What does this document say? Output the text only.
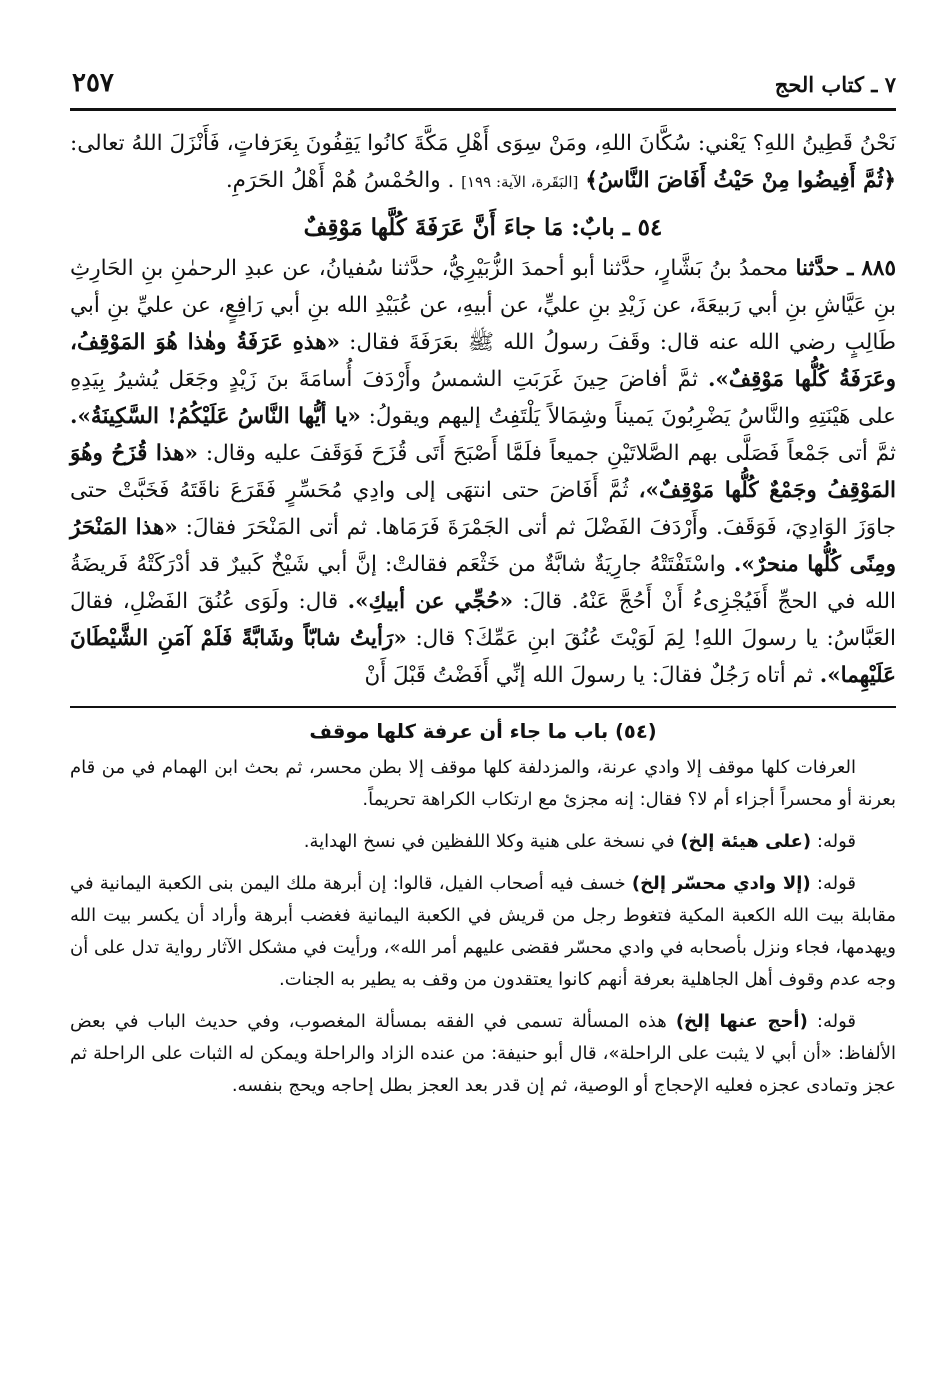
٧ ـ كتاب الحج
٢٥٧

نَحْنُ قَطِينُ اللهِ؟ يَعْني: سُكَّانَ اللهِ، ومَنْ سِوَى أَهْلِ مَكَّةَ كانُوا يَقِفُونَ بِعَرَفاتٍ، فَأَنْزَلَ اللهُ تعالى: ﴿ثُمَّ أَفِيضُوا مِنْ حَيْثُ أَفَاضَ النَّاسُ﴾ [البَقَرة، الآية: ١٩٩] . والحُمْسُ هُمْ أَهْلُ الحَرَمِ.

٥٤ ـ بابٌ: مَا جاءَ أَنَّ عَرَفَةَ كُلَّها مَوْقِفٌ

٨٨٥ ـ حدَّثنا محمدُ بنُ بَشَّارٍ، حدَّثنا أبو أحمدَ الزُّبَيْرِيُّ، حدَّثنا سُفيانُ، عن عبدِ الرحمٰنِ بنِ الحَارِثِ بنِ عَيَّاشِ بنِ أبي رَبيعَةَ، عن زَيْدِ بنِ عليٍّ، عن أبيهِ، عن عُبَيْدِ الله بنِ أبي رَافِعٍ، عن عليِّ بنِ أبي طَالِبٍ رضي الله عنه قال: وقَفَ رسولُ الله ﷺ بعَرَفَةَ فقال: «هذهِ عَرَفَةُ وهٰذا هُوَ المَوْقِفُ، وعَرَفَةُ كُلُّها مَوْقِفٌ». ثمَّ أفاضَ حِينَ غَرَبَتِ الشمسُ وأَرْدَفَ أُسامَةَ بنَ زَيْدٍ وجَعَل يُشيرُ بِيَدِهِ على هَيْنَتِهِ والنَّاسُ يَضْرِبُونَ يَميناً وشِمَالاً يَلْتَفِتُ إليهم ويقولُ: «يا أيُّها النَّاسُ عَلَيْكُمُ! السَّكِينَةُ». ثمَّ أتى جَمْعاً فَصَلَّى بهم الصَّلاتَيْنِ جميعاً فلَمَّا أَصْبَحَ أَتَى قُزَحَ فَوَقَفَ عليه وقال: «هذا قُزَحُ وهُوَ المَوْقِفُ وجَمْعٌ كُلُّها مَوْقِفٌ»، ثُمَّ أَفَاضَ حتى انتهَى إلى وادِي مُحَسِّرٍ فَقَرَعَ ناقَتَهُ فَخَبَّتْ حتى جاوَزَ الوَادِيَ، فَوَقَفَ. وأَرْدَفَ الفَضْلَ ثم أتى الجَمْرَةَ فَرَمَاها. ثم أتى المَنْحَرَ فقالَ: «هذا المَنْحَرُ ومِنًى كُلُّها منحرٌ». واسْتَفْتَتْهُ جارِيَةٌ شابَّةٌ من خَثْعَم فقالتْ: إنَّ أبي شَيْخٌ كَبيرٌ قد أدْرَكَتْهُ فَريضَةُ الله في الحجِّ أَفَيُجْزِىءُ أَنْ أَحُجَّ عَنْهُ. قالَ: «حُجِّي عن أبيكِ». قال: ولَوَى عُنُقَ الفَضْلِ، فقالَ العَبَّاسُ: يا رسولَ اللهِ! لِمَ لَوَيْتَ عُنُقَ ابنِ عَمِّكَ؟ قال: «رَأيتُ شابّاً وشَابَّةً فَلَمْ آمَنِ الشَّيْطَانَ عَلَيْهِما». ثم أتاه رَجُلٌ فقالَ: يا رسولَ الله إنِّي أَفَضْتُ قَبْلَ أَنْ

(٥٤) باب ما جاء أن عرفة كلها موقف

العرفات كلها موقف إلا وادي عرنة، والمزدلفة كلها موقف إلا بطن محسر، ثم بحث ابن الهمام في من قام بعرنة أو محسراً أجزاء أم لا؟ فقال: إنه مجزئ مع ارتكاب الكراهة تحريماً.

قوله: (على هيئة إلخ) في نسخة على هنية وكلا اللفظين في نسخ الهداية.

قوله: (إلا وادي محسّر إلخ) خسف فيه أصحاب الفيل، قالوا: إن أبرهة ملك اليمن بنى الكعبة اليمانية في مقابلة بيت الله الكعبة المكية فتغوط رجل من قريش في الكعبة اليمانية فغضب أبرهة وأراد أن يكسر بيت الله ويهدمها، فجاء ونزل بأصحابه في وادي محسّر فقضى عليهم أمر الله»، ورأيت في مشكل الآثار رواية تدل على أن وجه عدم وقوف أهل الجاهلية بعرفة أنهم كانوا يعتقدون من وقف به يطير به الجنات.

قوله: (أحج عنها إلخ) هذه المسألة تسمى في الفقه بمسألة المغصوب، وفي حديث الباب في بعض الألفاظ: «أن أبي لا يثبت على الراحلة»، قال أبو حنيفة: من عنده الزاد والراحلة ويمكن له الثبات على الراحلة ثم عجز وتمادى عجزه فعليه الإحجاج أو الوصية، ثم إن قدر بعد العجز بطل إحاجه ويحج بنفسه.
